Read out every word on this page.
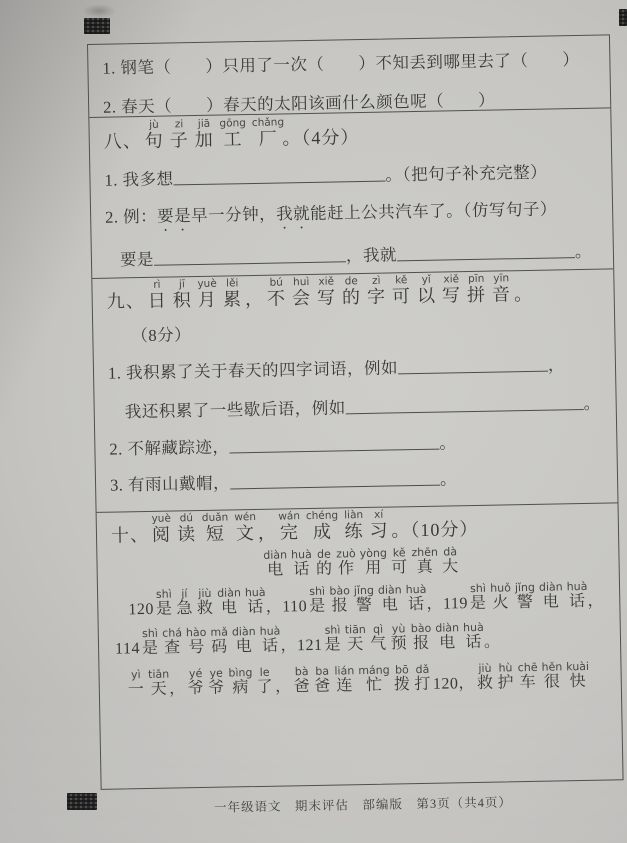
1. 钢笔（　　）只用了一次（　　）不知丢到哪里去了（　　）
2. 春天（　　）春天的太阳该画什么颜色呢（　　）
八、 句jù子zi加jiā工gōng厂chǎng。（4分）
1. 我多想	。（把句子补充完整）
2. 例：要是早一分钟，我就能赶上公共汽车了。（仿写句子）
要是	，我就	。
九、 日rì积jī月yuè累lěi， 不bú会huì写xiě的de字zì可kě以yǐ写xiě拼pīn音yīn。
（8分）
1. 我积累了关于春天的四字词语，例如	，
我还积累了一些歇后语，例如	。
2. 不解藏踪迹，	。
3. 有雨山戴帽，	。
十、 阅yuè读dú短duǎn文wén，完wán成chéng练liàn习xí。（10分）
电diàn话huà的de作zuò用yòng可kě真zhēn大dà
120 是shì急jí救jiù电diàn话huà，110 是shì报bào警jǐng电diàn话huà，119 是shì火huǒ警jǐng电diàn话huà，
114 是shì查chá号hào码mǎ电diàn话huà，121 是shì天tiān气qì预yù报bào电diàn话huà。
一yì天tiān， 爷yé爷ye病bìng了le， 爸bà爸ba连lián忙máng拨bō打dǎ120， 救jiù护hù车chē很hěn快kuài
一年级语文　期末评估　部编版　第3页（共4页）
